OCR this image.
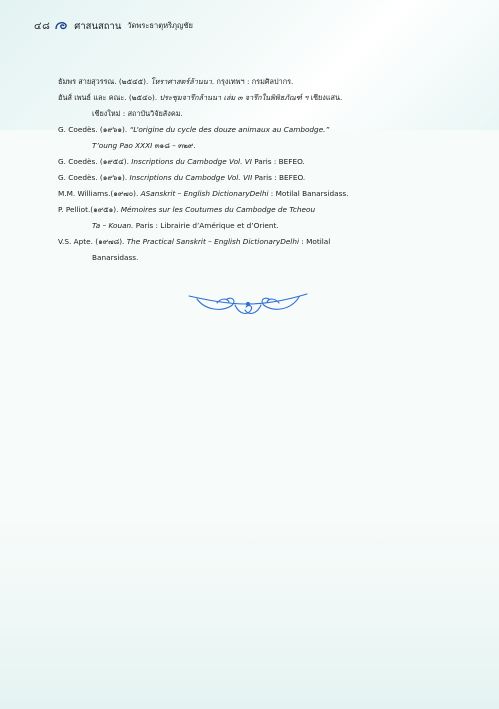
๔๘	ศาสนสถาน วัดพระธาตุหริภุญชัย
ธัมพร สายสุวรรณ. (๒๕๔๕). โหราศาสตร์ล้านนา. กรุงเทพฯ : กรมศิลปากร.
ฮันส์ เพนธ์ และ คณะ. (๒๕๔๐). ประชุมจารึกล้านนา เล่ม ๓ จารึกในพิพิธภัณฑ์ ฯ เชียงแสน.
เชียงใหม่ : สถาบันวิจัยสังคม.
G. Coedès. (๑๙๖๑). “L’origine du cycle des douze animaux au Cambodge.”
T’oung Pao XXXI ๓๑๘ – ๓๒๙.
G. Coedès. (๑๙๕๔). Inscriptions du Cambodge Vol. VI Paris : BEFEO.
G. Coedès. (๑๙๖๑). Inscriptions du Cambodge Vol. VII Paris : BEFEO.
M.M. Williams.(๑๙๗๐). ASanskrit – English DictionaryDelhi : Motilal Banarsidass.
P. Pelliot.(๑๙๕๑). Mémoires sur les Coutumes du Cambodge de Tcheou
Ta – Kouan. Paris : Librairie d’Amérique et d’Orient.
V.S. Apte. (๑๙๗๘). The Practical Sanskrit – English DictionaryDelhi : Motilal
Banarsidass.
